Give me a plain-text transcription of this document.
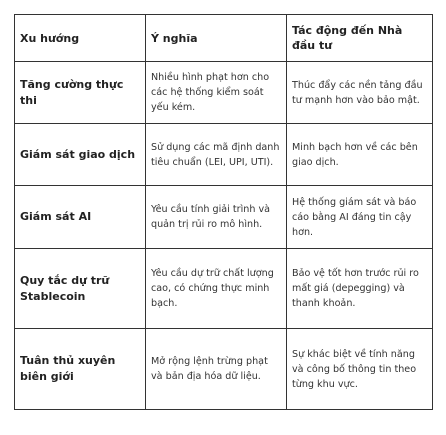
Xu hướng	Ý nghĩa	Tác động đến Nhà đầu tư
Tăng cường thực thi	Nhiều hình phạt hơn cho các hệ thống kiểm soát yếu kém.	Thúc đẩy các nền tảng đầu tư mạnh hơn vào bảo mật.
Giám sát giao dịch	Sử dụng các mã định danh tiêu chuẩn (LEI, UPI, UTI).	Minh bạch hơn về các bên giao dịch.
Giám sát AI	Yêu cầu tính giải trình và quản trị rủi ro mô hình.	Hệ thống giám sát và báo cáo bằng AI đáng tin cậy hơn.
Quy tắc dự trữ Stablecoin	Yêu cầu dự trữ chất lượng cao, có chứng thực minh bạch.	Bảo vệ tốt hơn trước rủi ro mất giá (depegging) và thanh khoản.
Tuân thủ xuyên biên giới	Mở rộng lệnh trừng phạt và bản địa hóa dữ liệu.	Sự khác biệt về tính năng và công bố thông tin theo từng khu vực.
